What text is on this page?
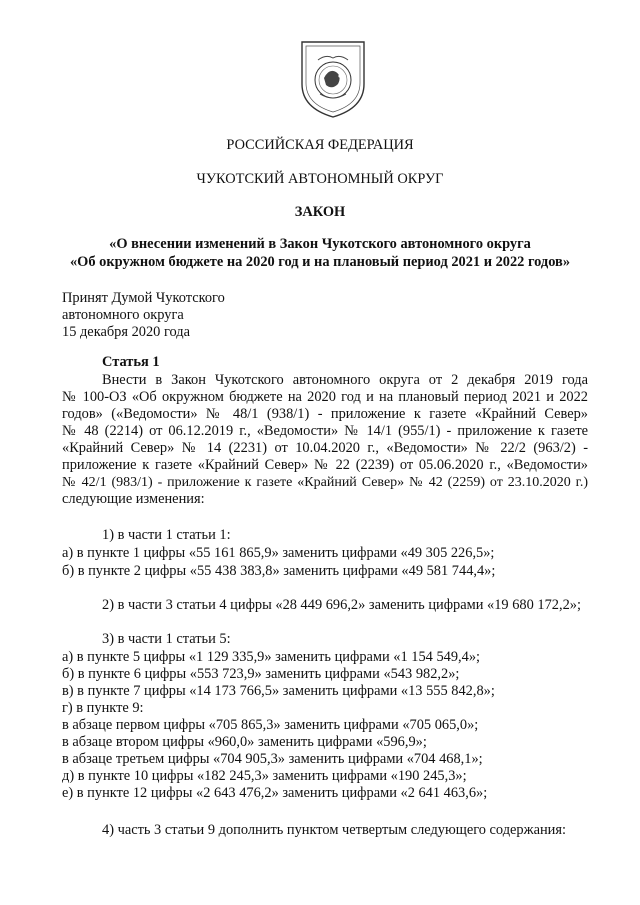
РОССИЙСКАЯ ФЕДЕРАЦИЯ
ЧУКОТСКИЙ АВТОНОМНЫЙ ОКРУГ
ЗАКОН
«О внесении изменений в Закон Чукотского автономного округа
«Об окружном бюджете на 2020 год и на плановый период 2021 и 2022 годов»
Принят Думой Чукотского
автономного округа
15 декабря 2020 года
Статья 1
Внести в Закон Чукотского автономного округа от 2 декабря 2019 года
№ 100-ОЗ «Об окружном бюджете на 2020 год и на плановый период 2021 и 2022
годов» («Ведомости» № 48/1 (938/1) - приложение к газете «Крайний Север»
№ 48 (2214) от 06.12.2019 г., «Ведомости» № 14/1 (955/1) - приложение к газете
«Крайний Север» № 14 (2231) от 10.04.2020 г., «Ведомости» № 22/2 (963/2) -
приложение к газете «Крайний Север» № 22 (2239) от 05.06.2020 г., «Ведомости»
№ 42/1 (983/1) - приложение к газете «Крайний Север» № 42 (2259) от 23.10.2020 г.)
следующие изменения:
1) в части 1 статьи 1:
а) в пункте 1 цифры «55 161 865,9» заменить цифрами «49 305 226,5»;
б) в пункте 2 цифры «55 438 383,8» заменить цифрами «49 581 744,4»;
2) в части 3 статьи 4 цифры «28 449 696,2» заменить цифрами «19 680 172,2»;
3) в части 1 статьи 5:
а) в пункте 5 цифры «1 129 335,9» заменить цифрами «1 154 549,4»;
б) в пункте 6 цифры «553 723,9» заменить цифрами «543 982,2»;
в) в пункте 7 цифры «14 173 766,5» заменить цифрами «13 555 842,8»;
г) в пункте 9:
в абзаце первом цифры «705 865,3» заменить цифрами «705 065,0»;
в абзаце втором цифры «960,0» заменить цифрами «596,9»;
в абзаце третьем цифры «704 905,3» заменить цифрами «704 468,1»;
д) в пункте 10 цифры «182 245,3» заменить цифрами «190 245,3»;
е) в пункте 12 цифры «2 643 476,2» заменить цифрами «2 641 463,6»;
4) часть 3 статьи 9 дополнить пунктом четвертым следующего содержания:
